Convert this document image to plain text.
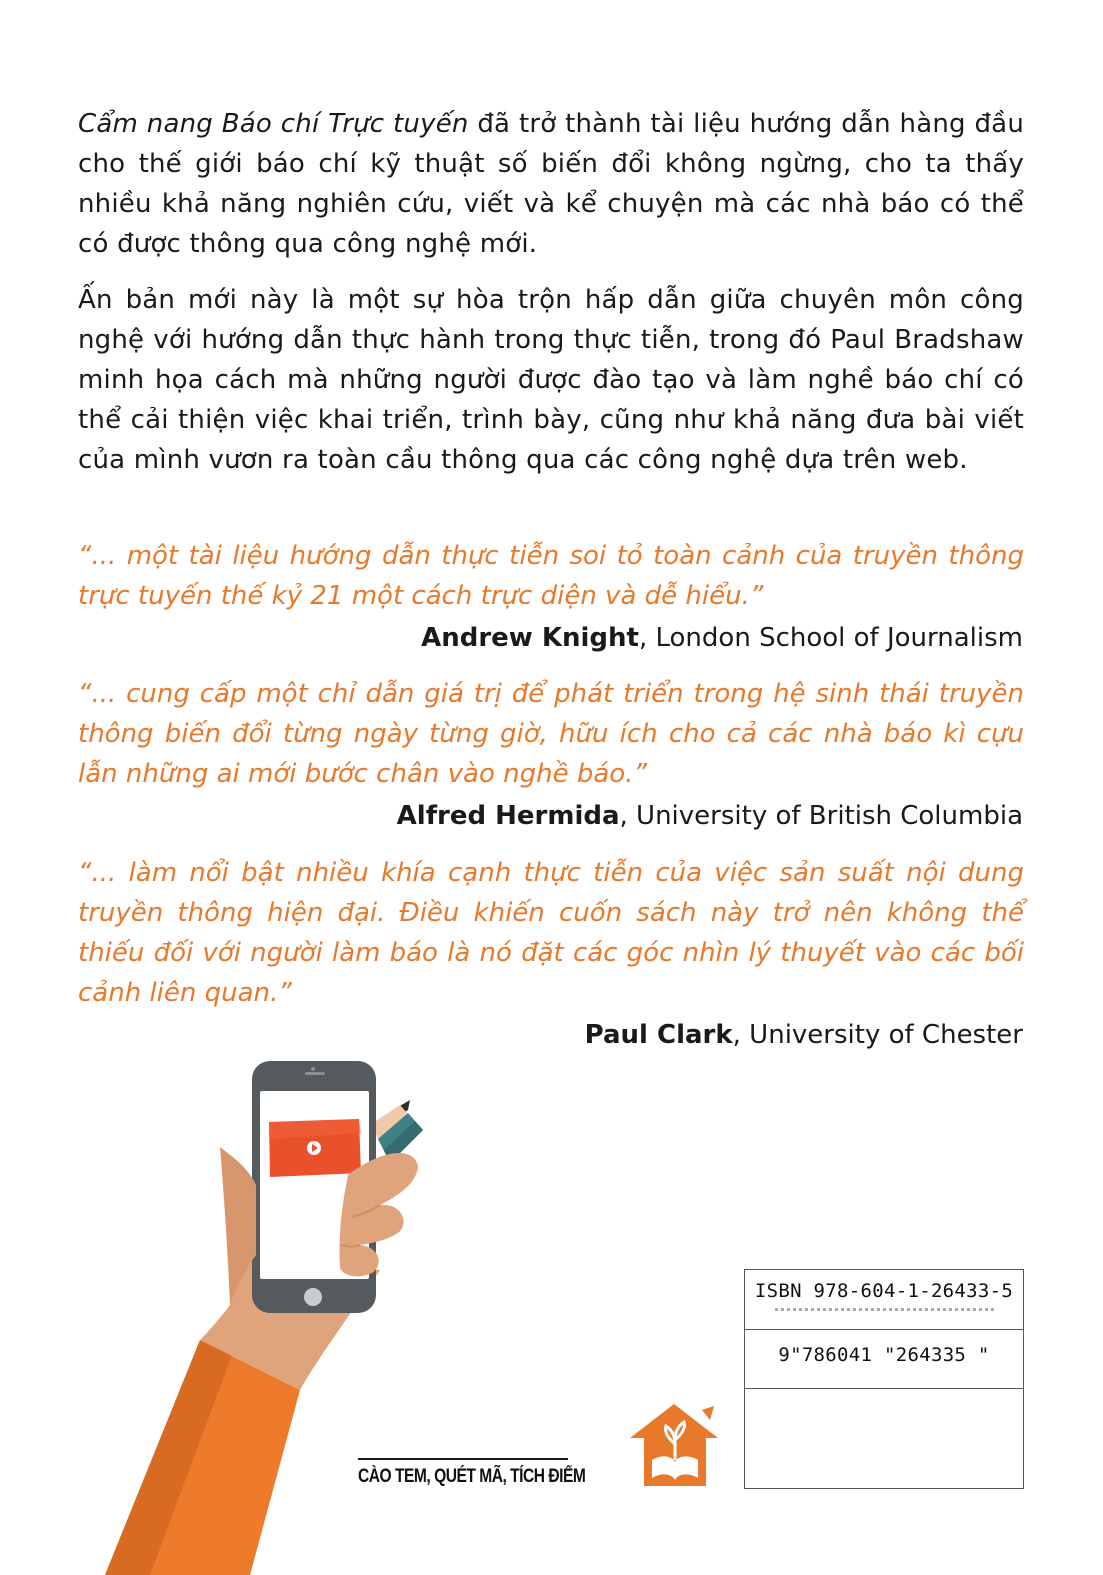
Cẩm nang Báo chí Trực tuyến đã trở thành tài liệu hướng dẫn hàng đầu cho thế giới báo chí kỹ thuật số biến đổi không ngừng, cho ta thấy nhiều khả năng nghiên cứu, viết và kể chuyện mà các nhà báo có thể có được thông qua công nghệ mới.

Ấn bản mới này là một sự hòa trộn hấp dẫn giữa chuyên môn công nghệ với hướng dẫn thực hành trong thực tiễn, trong đó Paul Bradshaw minh họa cách mà những người được đào tạo và làm nghề báo chí có thể cải thiện việc khai triển, trình bày, cũng như khả năng đưa bài viết của mình vươn ra toàn cầu thông qua các công nghệ dựa trên web.

“... một tài liệu hướng dẫn thực tiễn soi tỏ toàn cảnh của truyền thông trực tuyến thế kỷ 21 một cách trực diện và dễ hiểu.”

Andrew Knight, London School of Journalism

“... cung cấp một chỉ dẫn giá trị để phát triển trong hệ sinh thái truyền thông biến đổi từng ngày từng giờ, hữu ích cho cả các nhà báo kì cựu lẫn những ai mới bước chân vào nghề báo.”

Alfred Hermida, University of British Columbia

“... làm nổi bật nhiều khía cạnh thực tiễn của việc sản suất nội dung truyền thông hiện đại. Điều khiến cuốn sách này trở nên không thể thiếu đối với người làm báo là nó đặt các góc nhìn lý thuyết vào các bối cảnh liên quan.”

Paul Clark, University of Chester

CÀO TEM, QUÉT MÃ, TÍCH ĐIỂM
ISBN 978-604-1-26433-5
9"786041 "264335 "
